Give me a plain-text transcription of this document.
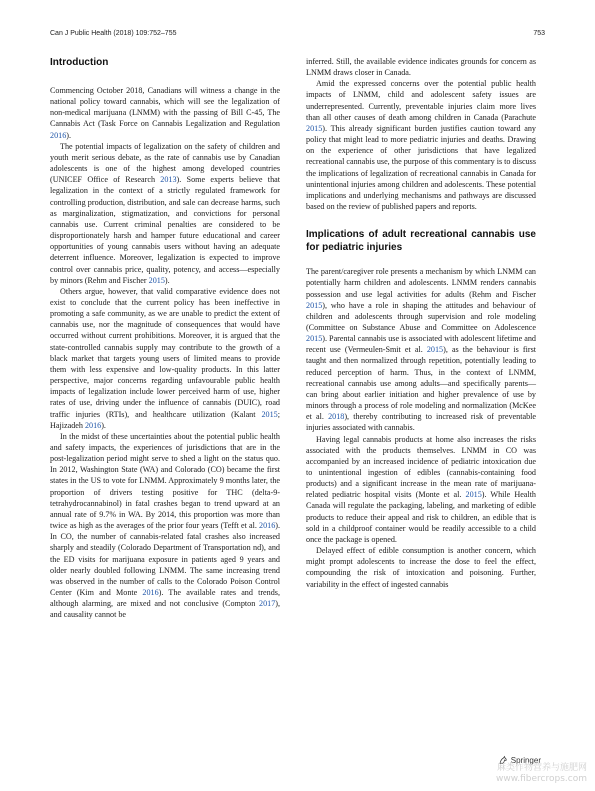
Can J Public Health (2018) 109:752–755	753
Introduction

Commencing October 2018, Canadians will witness a change in the national policy toward cannabis, which will see the legalization of non-medical marijuana (LNMM) with the passing of Bill C-45, The Cannabis Act (Task Force on Cannabis Legalization and Regulation 2016).

The potential impacts of legalization on the safety of children and youth merit serious debate, as the rate of cannabis use by Canadian adolescents is one of the highest among developed countries (UNICEF Office of Research 2013). Some experts believe that legalization in the context of a strictly regulated framework for controlling production, distribution, and sale can decrease harms, such as marginalization, stigmatization, and convictions for personal cannabis use. Current criminal penalties are considered to be disproportionately harsh and hamper future educational and career opportunities of young cannabis users without having an adequate deterrent influence. Moreover, legalization is expected to improve control over cannabis price, quality, potency, and access—especially by minors (Rehm and Fischer 2015).

Others argue, however, that valid comparative evidence does not exist to conclude that the current policy has been ineffective in promoting a safe community, as we are unable to predict the extent of cannabis use, nor the magnitude of consequences that would have occurred without current prohibitions. Moreover, it is argued that the state-controlled cannabis supply may contribute to the growth of a black market that targets young users of limited means to provide them with less expensive and low-quality products. In this latter perspective, major concerns regarding unfavourable public health impacts of legalization include lower perceived harm of use, higher rates of use, driving under the influence of cannabis (DUIC), road traffic injuries (RTIs), and healthcare utilization (Kalant 2015; Hajizadeh 2016).

In the midst of these uncertainties about the potential public health and safety impacts, the experiences of jurisdictions that are in the post-legalization period might serve to shed a light on the status quo. In 2012, Washington State (WA) and Colorado (CO) became the first states in the US to vote for LNMM. Approximately 9 months later, the proportion of drivers testing positive for THC (delta-9-tetrahydrocannabinol) in fatal crashes began to trend upward at an annual rate of 9.7% in WA. By 2014, this proportion was more than twice as high as the averages of the prior four years (Tefft et al. 2016). In CO, the number of cannabis-related fatal crashes also increased sharply and steadily (Colorado Department of Transportation nd), and the ED visits for marijuana exposure in patients aged 9 years and older nearly doubled following LNMM. The same increasing trend was observed in the number of calls to the Colorado Poison Control Center (Kim and Monte 2016). The available rates and trends, although alarming, are mixed and not conclusive (Compton 2017), and causality cannot be

inferred. Still, the available evidence indicates grounds for concern as LNMM draws closer in Canada.

Amid the expressed concerns over the potential public health impacts of LNMM, child and adolescent safety issues are underrepresented. Currently, preventable injuries claim more lives than all other causes of death among children in Canada (Parachute 2015). This already significant burden justifies caution toward any policy that might lead to more pediatric injuries and deaths. Drawing on the experience of other jurisdictions that have legalized recreational cannabis use, the purpose of this commentary is to discuss the implications of legalization of recreational cannabis in Canada for unintentional injuries among children and adolescents. These potential implications and underlying mechanisms and pathways are discussed based on the review of published papers and reports.

Implications of adult recreational cannabis use for pediatric injuries

The parent/caregiver role presents a mechanism by which LNMM can potentially harm children and adolescents. LNMM renders cannabis possession and use legal activities for adults (Rehm and Fischer 2015), who have a role in shaping the attitudes and behaviour of children and adolescents through supervision and role modeling (Committee on Substance Abuse and Committee on Adolescence 2015). Parental cannabis use is associated with adolescent lifetime and recent use (Vermeulen-Smit et al. 2015), as the behaviour is first taught and then normalized through repetition, potentially leading to reduced perception of harm. Thus, in the context of LNMM, recreational cannabis use among adults—and specifically parents—can bring about earlier initiation and higher prevalence of use by minors through a process of role modeling and normalization (McKee et al. 2018), thereby contributing to increased risk of preventable injuries associated with cannabis.

Having legal cannabis products at home also increases the risks associated with the products themselves. LNMM in CO was accompanied by an increased incidence of pediatric intoxication due to unintentional ingestion of edibles (cannabis-containing food products) and a significant increase in the mean rate of marijuana-related pediatric hospital visits (Monte et al. 2015). While Health Canada will regulate the packaging, labeling, and marketing of edible products to reduce their appeal and risk to children, an edible that is sold in a childproof container would be readily accessible to a child once the package is opened.

Delayed effect of edible consumption is another concern, which might prompt adolescents to increase the dose to feel the effect, compounding the risk of intoxication and poisoning. Further, variability in the effect of ingested cannabis

Springer
麻类作物营养与施肥网
www.fibercrops.com
